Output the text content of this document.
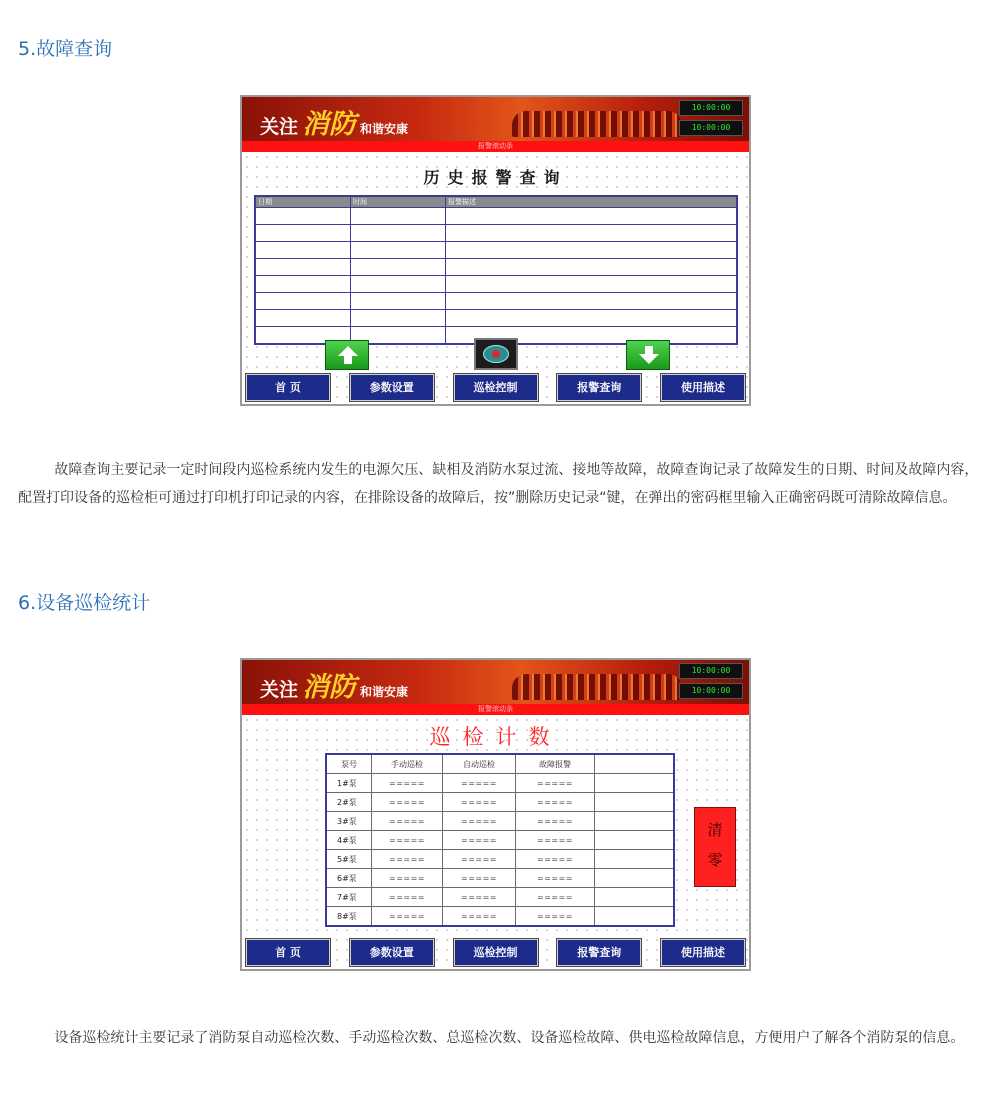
5.故障查询
关注 消防 和谐安康
10:00:00
10:00:00
报警滚动条
历史报警查询
日期	时间	报警描述

首 页	参数设置	巡检控制	报警查询	使用描述

故障查询主要记录一定时间段内巡检系统内发生的电源欠压、缺相及消防水泵过流、接地等故障，故障查询记录了故障发生的日期、时间及故障内容，配置打印设备的巡检柜可通过打印机打印记录的内容，在排除设备的故障后，按”删除历史记录“键，在弹出的密码框里输入正确密码既可清除故障信息。

6.设备巡检统计
关注 消防 和谐安康
10:00:00
10:00:00
报警滚动条
巡检计数
泵号	手动巡检	自动巡检	故障报警	
1#泵	=====	=====	=====	
2#泵	=====	=====	=====	
3#泵	=====	=====	=====	
4#泵	=====	=====	=====	
5#泵	=====	=====	=====	
6#泵	=====	=====	=====	
7#泵	=====	=====	=====	
8#泵	=====	=====	=====	
清
零
首 页	参数设置	巡检控制	报警查询	使用描述

设备巡检统计主要记录了消防泵自动巡检次数、手动巡检次数、总巡检次数、设备巡检故障、供电巡检故障信息，方便用户了解各个消防泵的信息。
